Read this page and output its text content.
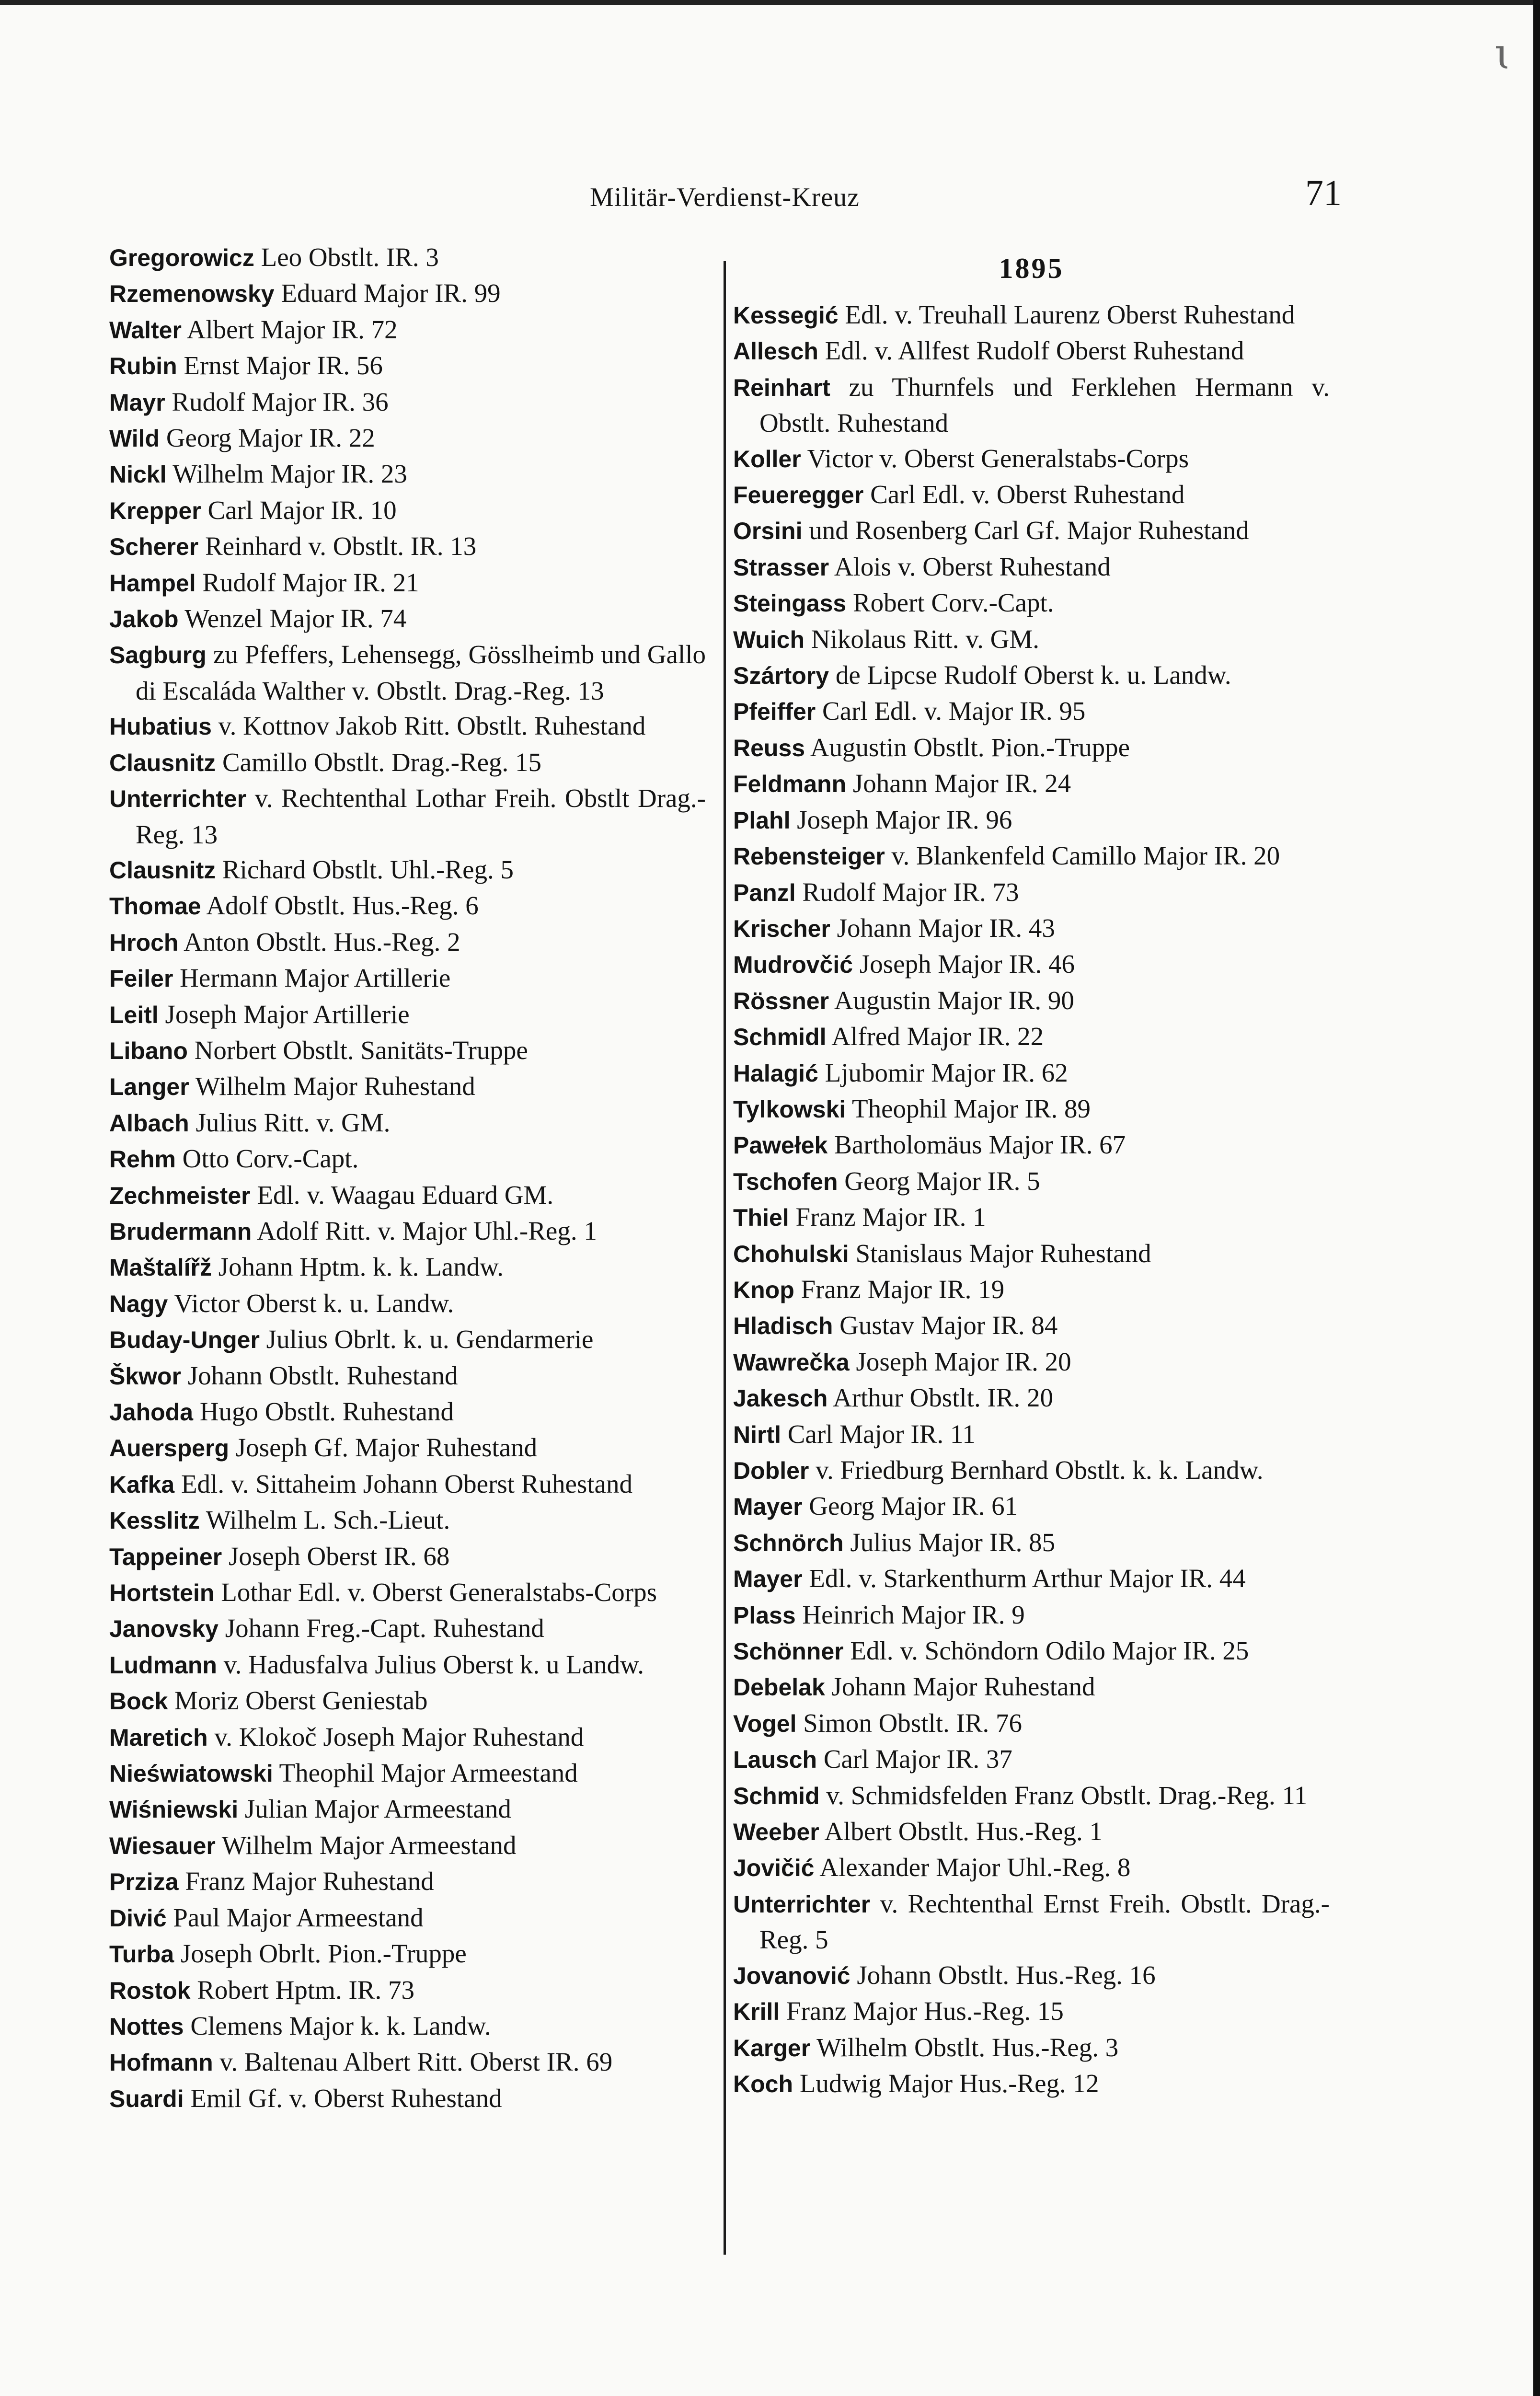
ɩ
Militär-Verdienst-Kreuz	71

Gregorowicz Leo Obstlt. IR. 3

Rzemenowsky Eduard Major IR. 99

Walter Albert Major IR. 72

Rubin Ernst Major IR. 56

Mayr Rudolf Major IR. 36

Wild Georg Major IR. 22

Nickl Wilhelm Major IR. 23

Krepper Carl Major IR. 10

Scherer Reinhard v. Obstlt. IR. 13

Hampel Rudolf Major IR. 21

Jakob Wenzel Major IR. 74

Sagburg zu Pfeffers, Lehensegg, Gösslheimb und Gallo di Escaláda Walther v. Obstlt. Drag.-Reg. 13

Hubatius v. Kottnov Jakob Ritt. Obstlt. Ruhestand

Clausnitz Camillo Obstlt. Drag.-Reg. 15

Unterrichter v. Rechtenthal Lothar Freih. Obstlt Drag.-Reg. 13

Clausnitz Richard Obstlt. Uhl.-Reg. 5

Thomae Adolf Obstlt. Hus.-Reg. 6

Hroch Anton Obstlt. Hus.-Reg. 2

Feiler Hermann Major Artillerie

Leitl Joseph Major Artillerie

Libano Norbert Obstlt. Sanitäts-Truppe

Langer Wilhelm Major Ruhestand

Albach Julius Ritt. v. GM.

Rehm Otto Corv.-Capt.

Zechmeister Edl. v. Waagau Eduard GM.

Brudermann Adolf Ritt. v. Major Uhl.-Reg. 1

Maštalířž Johann Hptm. k. k. Landw.

Nagy Victor Oberst k. u. Landw.

Buday-Unger Julius Obrlt. k. u. Gendarmerie

Škwor Johann Obstlt. Ruhestand

Jahoda Hugo Obstlt. Ruhestand

Auersperg Joseph Gf. Major Ruhestand

Kafka Edl. v. Sittaheim Johann Oberst Ruhestand

Kesslitz Wilhelm L. Sch.-Lieut.

Tappeiner Joseph Oberst IR. 68

Hortstein Lothar Edl. v. Oberst Generalstabs-Corps

Janovsky Johann Freg.-Capt. Ruhestand

Ludmann v. Hadusfalva Julius Oberst k. u Landw.

Bock Moriz Oberst Geniestab

Maretich v. Klokoč Joseph Major Ruhestand

Nieświatowski Theophil Major Armeestand

Wiśniewski Julian Major Armeestand

Wiesauer Wilhelm Major Armeestand

Prziza Franz Major Ruhestand

Divić Paul Major Armeestand

Turba Joseph Obrlt. Pion.-Truppe

Rostok Robert Hptm. IR. 73

Nottes Clemens Major k. k. Landw.

Hofmann v. Baltenau Albert Ritt. Oberst IR. 69

Suardi Emil Gf. v. Oberst Ruhestand

1895

Kessegić Edl. v. Treuhall Laurenz Oberst Ruhestand

Allesch Edl. v. Allfest Rudolf Oberst Ruhestand

Reinhart zu Thurnfels und Ferklehen Hermann v. Obstlt. Ruhestand

Koller Victor v. Oberst Generalstabs-Corps

Feueregger Carl Edl. v. Oberst Ruhestand

Orsini und Rosenberg Carl Gf. Major Ruhestand

Strasser Alois v. Oberst Ruhestand

Steingass Robert Corv.-Capt.

Wuich Nikolaus Ritt. v. GM.

Szártory de Lipcse Rudolf Oberst k. u. Landw.

Pfeiffer Carl Edl. v. Major IR. 95

Reuss Augustin Obstlt. Pion.-Truppe

Feldmann Johann Major IR. 24

Plahl Joseph Major IR. 96

Rebensteiger v. Blankenfeld Camillo Major IR. 20

Panzl Rudolf Major IR. 73

Krischer Johann Major IR. 43

Mudrovčić Joseph Major IR. 46

Rössner Augustin Major IR. 90

Schmidl Alfred Major IR. 22

Halagić Ljubomir Major IR. 62

Tylkowski Theophil Major IR. 89

Pawełek Bartholomäus Major IR. 67

Tschofen Georg Major IR. 5

Thiel Franz Major IR. 1

Chohulski Stanislaus Major Ruhestand

Knop Franz Major IR. 19

Hladisch Gustav Major IR. 84

Wawrečka Joseph Major IR. 20

Jakesch Arthur Obstlt. IR. 20

Nirtl Carl Major IR. 11

Dobler v. Friedburg Bernhard Obstlt. k. k. Landw.

Mayer Georg Major IR. 61

Schnörch Julius Major IR. 85

Mayer Edl. v. Starkenthurm Arthur Major IR. 44

Plass Heinrich Major IR. 9

Schönner Edl. v. Schöndorn Odilo Major IR. 25

Debelak Johann Major Ruhestand

Vogel Simon Obstlt. IR. 76

Lausch Carl Major IR. 37

Schmid v. Schmidsfelden Franz Obstlt. Drag.-Reg. 11

Weeber Albert Obstlt. Hus.-Reg. 1

Jovičić Alexander Major Uhl.-Reg. 8

Unterrichter v. Rechtenthal Ernst Freih. Obstlt. Drag.-Reg. 5

Jovanović Johann Obstlt. Hus.-Reg. 16

Krill Franz Major Hus.-Reg. 15

Karger Wilhelm Obstlt. Hus.-Reg. 3

Koch Ludwig Major Hus.-Reg. 12
